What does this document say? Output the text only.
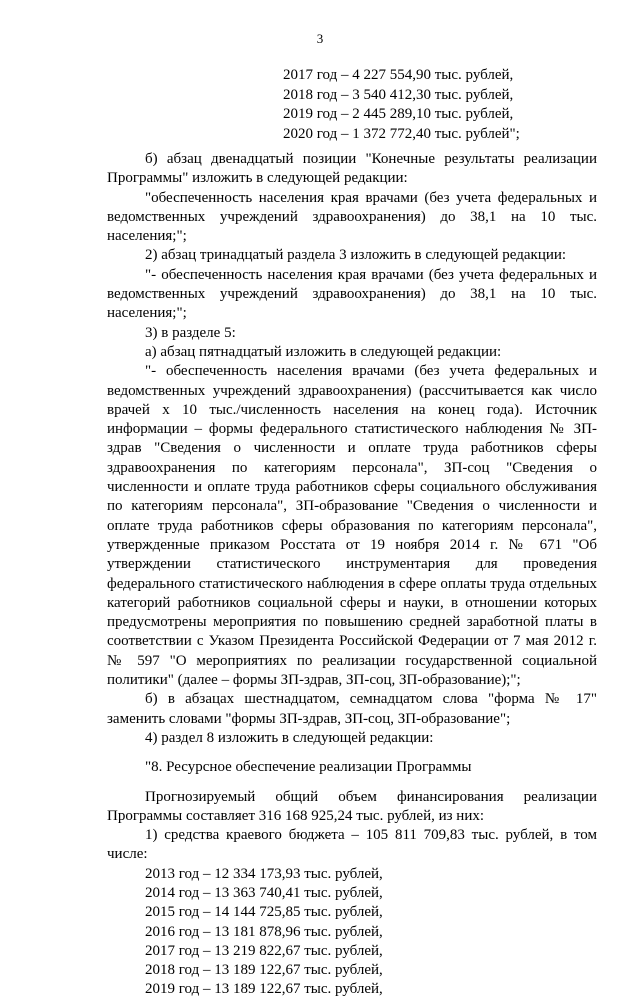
3
2017 год – 4 227 554,90 тыс. рублей,
2018 год – 3 540 412,30 тыс. рублей,
2019 год – 2 445 289,10 тыс. рублей,
2020 год – 1 372 772,40 тыс. рублей";

б) абзац двенадцатый позиции "Конечные результаты реализации Программы" изложить в следующей редакции:

"обеспеченность населения края врачами (без учета федеральных и ведомственных учреждений здравоохранения) до 38,1 на 10 тыс. населения;";

2) абзац тринадцатый раздела 3 изложить в следующей редакции:

"- обеспеченность населения края врачами (без учета федеральных и ведомственных учреждений здравоохранения) до 38,1 на 10 тыс. населения;";

3) в разделе 5:

а) абзац пятнадцатый изложить в следующей редакции:

"- обеспеченность населения врачами (без учета федеральных и ведомственных учреждений здравоохранения) (рассчитывается как число врачей х 10 тыс./численность населения на конец года). Источник информации – формы федерального статистического наблюдения № ЗП-здрав "Сведения о численности и оплате труда работников сферы здравоохранения по категориям персонала", ЗП-соц "Сведения о численности и оплате труда работников сферы социального обслуживания по категориям персонала", ЗП-образование "Сведения о численности и оплате труда работников сферы образования по категориям персонала", утвержденные приказом Росстата от 19 ноября 2014 г. № 671 "Об утверждении статистического инструментария для проведения федерального статистического наблюдения в сфере оплаты труда отдельных категорий работников социальной сферы и науки, в отношении которых предусмотрены мероприятия по повышению средней заработной платы в соответствии с Указом Президента Российской Федерации от 7 мая 2012 г. № 597 "О мероприятиях по реализации государственной социальной политики" (далее – формы ЗП-здрав, ЗП-соц, ЗП-образование);";

б) в абзацах шестнадцатом, семнадцатом слова "форма № 17" заменить словами "формы ЗП-здрав, ЗП-соц, ЗП-образование";

4) раздел 8 изложить в следующей редакции:

"8. Ресурсное обеспечение реализации Программы

Прогнозируемый общий объем финансирования реализации Программы составляет 316 168 925,24 тыс. рублей, из них:

1) средства краевого бюджета – 105 811 709,83 тыс. рублей, в том числе:

2013 год – 12 334 173,93 тыс. рублей,

2014 год – 13 363 740,41 тыс. рублей,

2015 год – 14 144 725,85 тыс. рублей,

2016 год – 13 181 878,96 тыс. рублей,

2017 год – 13 219 822,67 тыс. рублей,

2018 год – 13 189 122,67 тыс. рублей,

2019 год – 13 189 122,67 тыс. рублей,
